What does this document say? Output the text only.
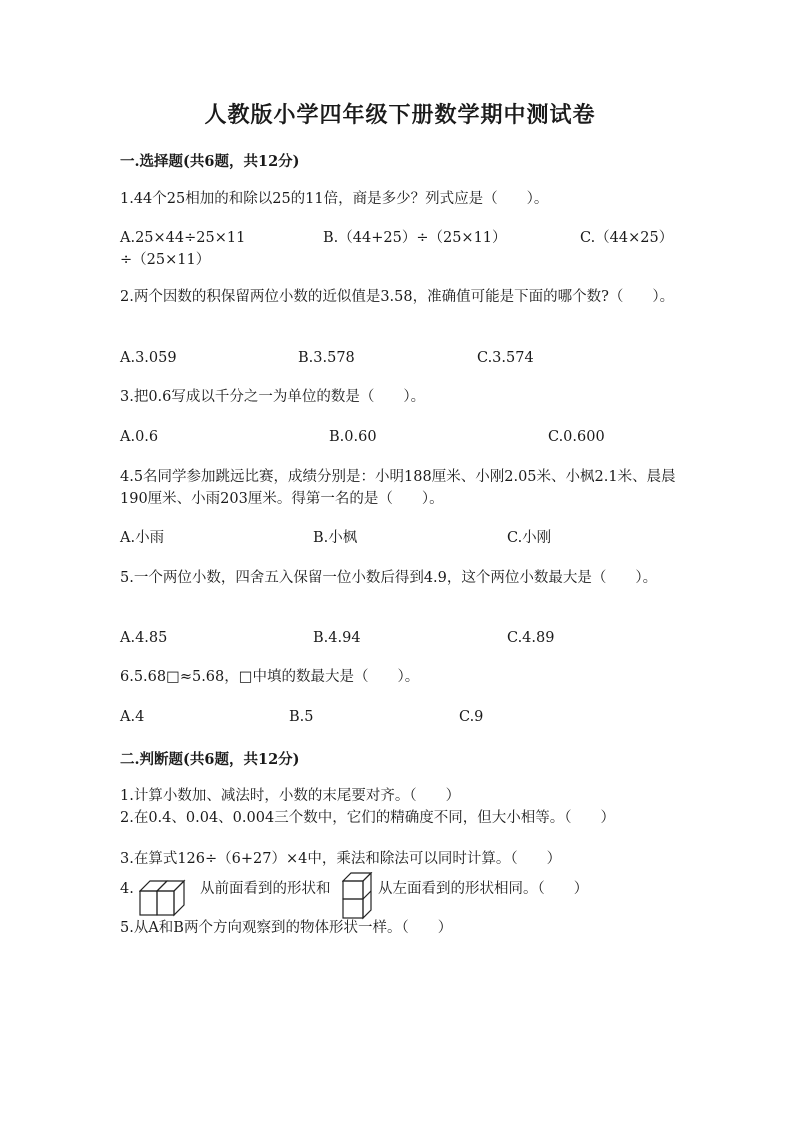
人教版小学四年级下册数学期中测试卷
一.选择题(共6题，共12分)
1.44个25相加的和除以25的11倍，商是多少？列式应是（　　）。
A.25×44÷25×11	B.（44+25）÷（25×11）	C.（44×25）
÷（25×11）
2.两个因数的积保留两位小数的近似值是3.58，准确值可能是下面的哪个数?（　　）。
A.3.059	B.3.578	C.3.574
3.把0.6写成以千分之一为单位的数是（　　）。
A.0.6	B.0.60	C.0.600
4.5名同学参加跳远比赛，成绩分别是：小明188厘米、小刚2.05米、小枫2.1米、晨晨190厘米、小雨203厘米。得第一名的是（　　）。
A.小雨	B.小枫	C.小刚
5.一个两位小数，四舍五入保留一位小数后得到4.9，这个两位小数最大是（　　）。
A.4.85	B.4.94	C.4.89
6.5.68□≈5.68，□中填的数最大是（　　）。
A.4	B.5	C.9
二.判断题(共6题，共12分)
1.计算小数加、减法时，小数的末尾要对齐。（　　）
2.在0.4、0.04、0.004三个数中，它们的精确度不同，但大小相等。（　　）
3.在算式126÷（6+27）×4中，乘法和除法可以同时计算。（　　）
4.	从前面看到的形状和	从左面看到的形状相同。（　　）
5.从A和B两个方向观察到的物体形状一样。（　　）
